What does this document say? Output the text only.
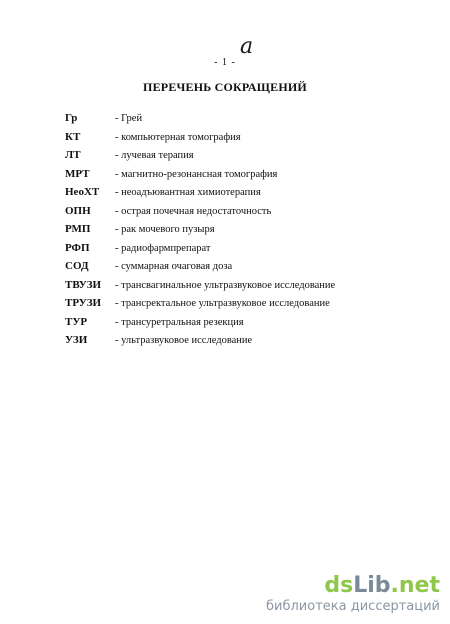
a
- 1 -
ПЕРЕЧЕНЬ СОКРАЩЕНИЙ
Гр	- Грей
КТ	- компьютерная томография
ЛТ	- лучевая терапия
МРТ	- магнитно-резонансная томография
НеоХТ	- неоадъювантная химиотерапия
ОПН	- острая почечная недостаточность
РМП	- рак мочевого пузыря
РФП	- радиофармпрепарат
СОД	- суммарная очаговая доза
ТВУЗИ	- трансвагинальное ультразвуковое исследование
ТРУЗИ	- трансректальное ультразвуковое исследование
ТУР	- трансуретральная резекция
УЗИ	- ультразвуковое исследование
dsLib.net
библиотека диссертаций
